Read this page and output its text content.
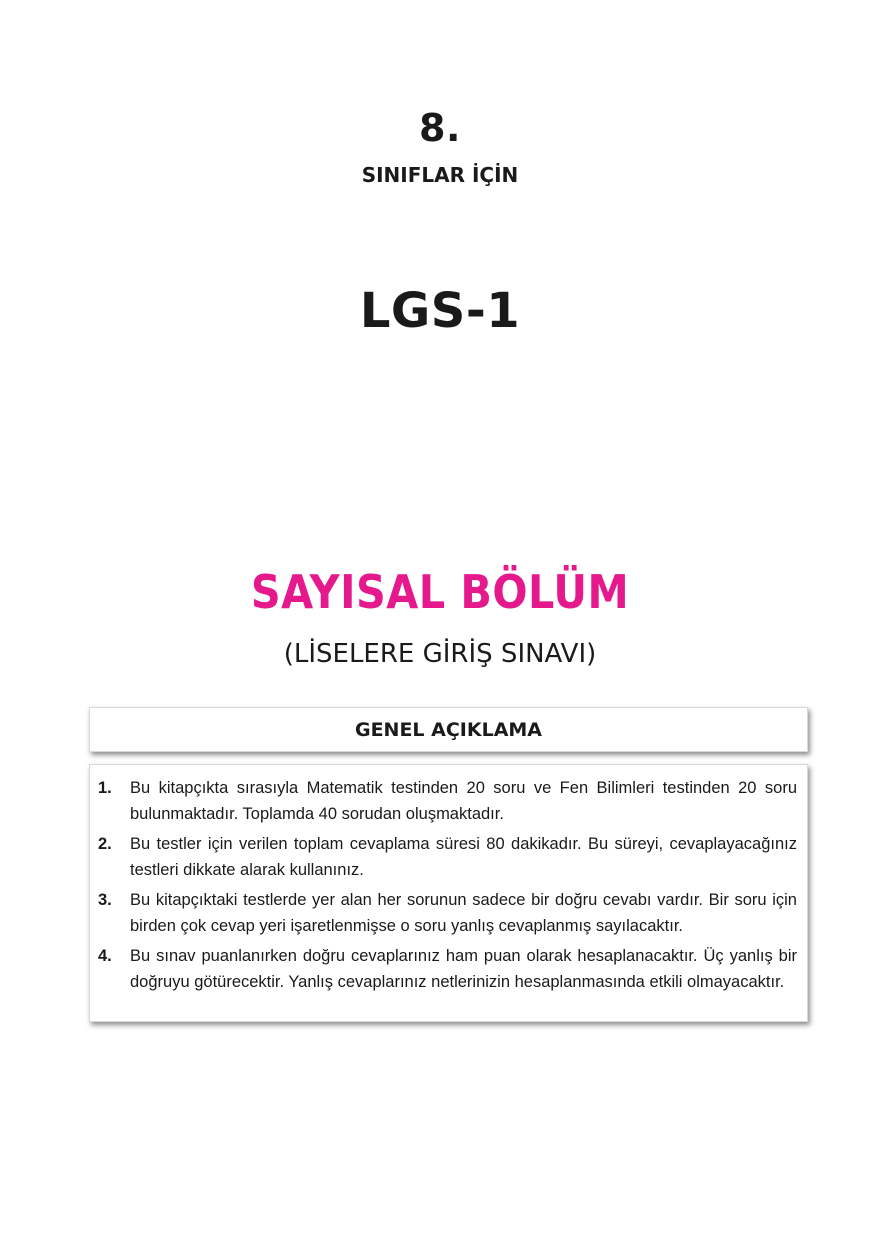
8.
SINIFLAR İÇİN
LGS-1
SAYISAL BÖLÜM
(LİSELERE GİRİŞ SINAVI)
GENEL AÇIKLAMA
1.	Bu kitapçıkta sırasıyla Matematik testinden 20 soru ve Fen Bilimleri testinden 20 soru bulunmaktadır. Toplamda 40 sorudan oluşmaktadır.
2.	Bu testler için verilen toplam cevaplama süresi 80 dakikadır. Bu süreyi, cevaplayacağınız testleri dikkate alarak kullanınız.
3.	Bu kitapçıktaki testlerde yer alan her sorunun sadece bir doğru cevabı vardır. Bir soru için birden çok cevap yeri işaretlenmişse o soru yanlış cevaplanmış sayılacaktır.
4.	Bu sınav puanlanırken doğru cevaplarınız ham puan olarak hesaplanacaktır. Üç yanlış bir doğruyu götürecektir. Yanlış cevaplarınız netlerinizin hesaplanmasında etkili olmayacaktır.
